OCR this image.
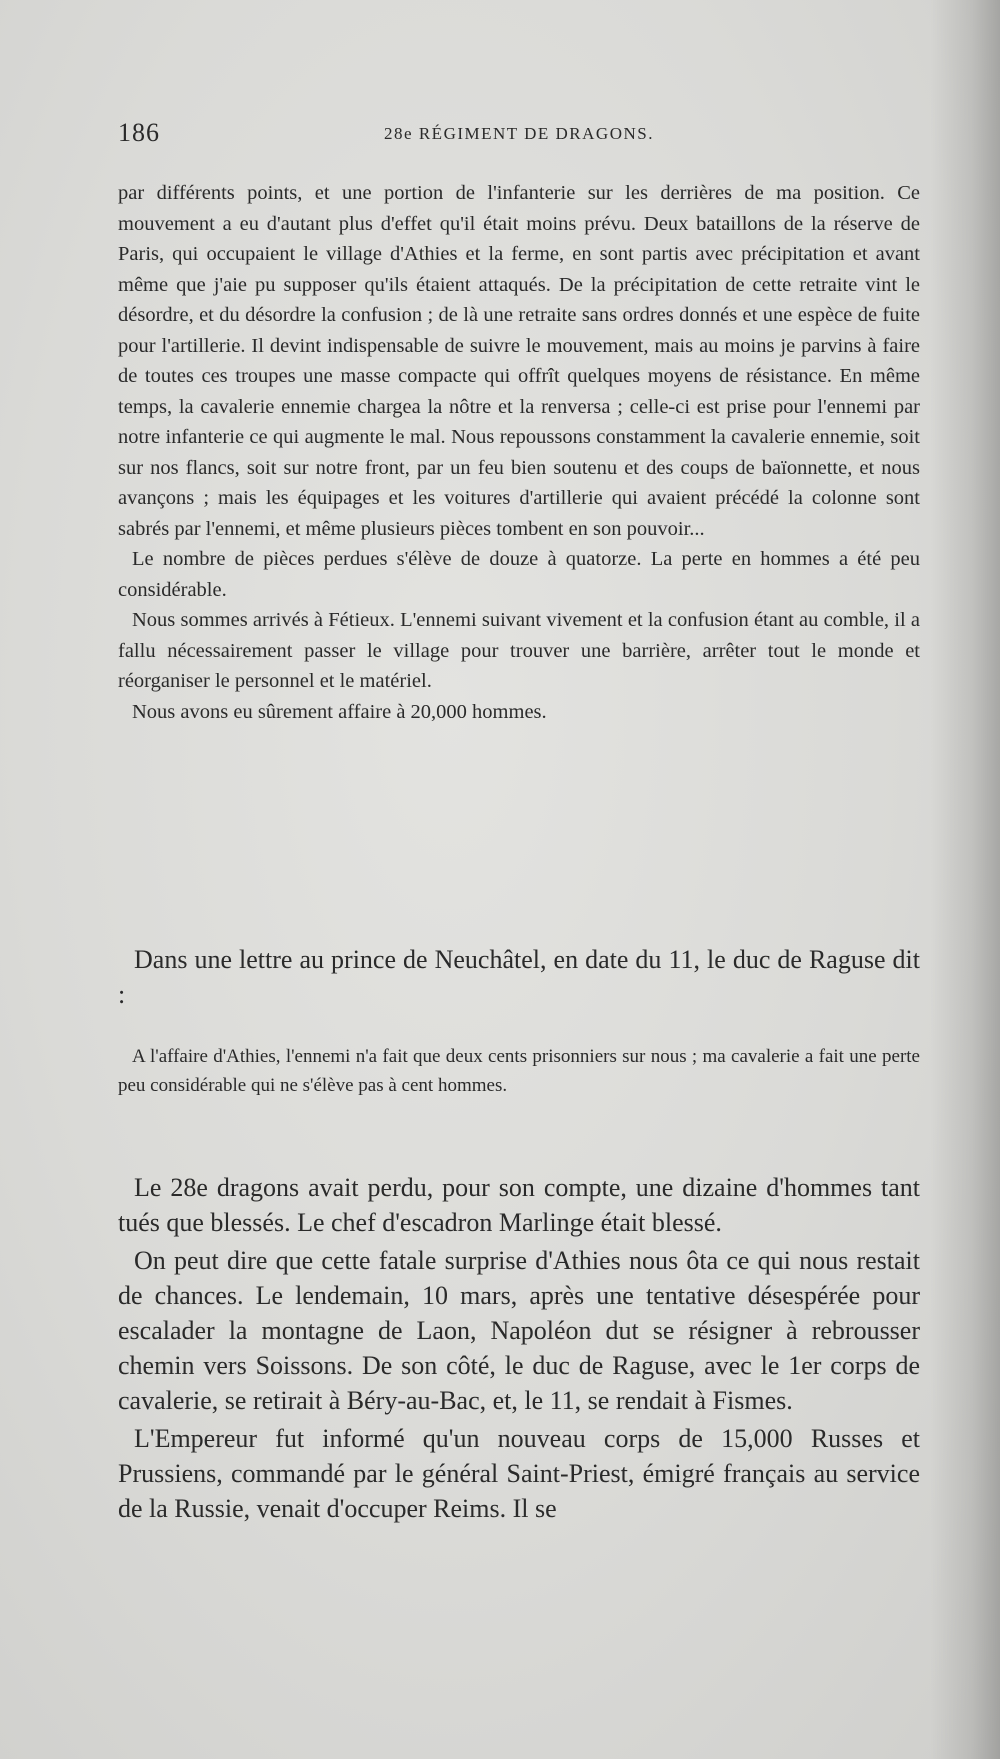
186	28e RÉGIMENT DE DRAGONS.

par différents points, et une portion de l'infanterie sur les derrières de ma position. Ce mouvement a eu d'autant plus d'effet qu'il était moins prévu. Deux bataillons de la réserve de Paris, qui occupaient le village d'Athies et la ferme, en sont partis avec précipitation et avant même que j'aie pu supposer qu'ils étaient attaqués. De la précipitation de cette retraite vint le désordre, et du désordre la confusion ; de là une retraite sans ordres donnés et une espèce de fuite pour l'artillerie. Il devint indispensable de suivre le mouvement, mais au moins je parvins à faire de toutes ces troupes une masse compacte qui offrît quelques moyens de résistance. En même temps, la cavalerie ennemie chargea la nôtre et la renversa ; celle-ci est prise pour l'ennemi par notre infanterie ce qui augmente le mal. Nous repoussons constamment la cavalerie ennemie, soit sur nos flancs, soit sur notre front, par un feu bien soutenu et des coups de baïonnette, et nous avançons ; mais les équipages et les voitures d'artillerie qui avaient précédé la colonne sont sabrés par l'ennemi, et même plusieurs pièces tombent en son pouvoir...

Le nombre de pièces perdues s'élève de douze à quatorze. La perte en hommes a été peu considérable.

Nous sommes arrivés à Fétieux. L'ennemi suivant vivement et la confusion étant au comble, il a fallu nécessairement passer le village pour trouver une barrière, arrêter tout le monde et réorganiser le personnel et le matériel.

Nous avons eu sûrement affaire à 20,000 hommes.

Dans une lettre au prince de Neuchâtel, en date du 11, le duc de Raguse dit :

A l'affaire d'Athies, l'ennemi n'a fait que deux cents prisonniers sur nous ; ma cavalerie a fait une perte peu considérable qui ne s'élève pas à cent hommes.

Le 28e dragons avait perdu, pour son compte, une dizaine d'hommes tant tués que blessés. Le chef d'escadron Marlinge était blessé.

On peut dire que cette fatale surprise d'Athies nous ôta ce qui nous restait de chances. Le lendemain, 10 mars, après une tentative désespérée pour escalader la montagne de Laon, Napoléon dut se résigner à rebrousser chemin vers Soissons. De son côté, le duc de Raguse, avec le 1er corps de cavalerie, se retirait à Béry-au-Bac, et, le 11, se rendait à Fismes.

L'Empereur fut informé qu'un nouveau corps de 15,000 Russes et Prussiens, commandé par le général Saint-Priest, émigré français au service de la Russie, venait d'occuper Reims. Il se
